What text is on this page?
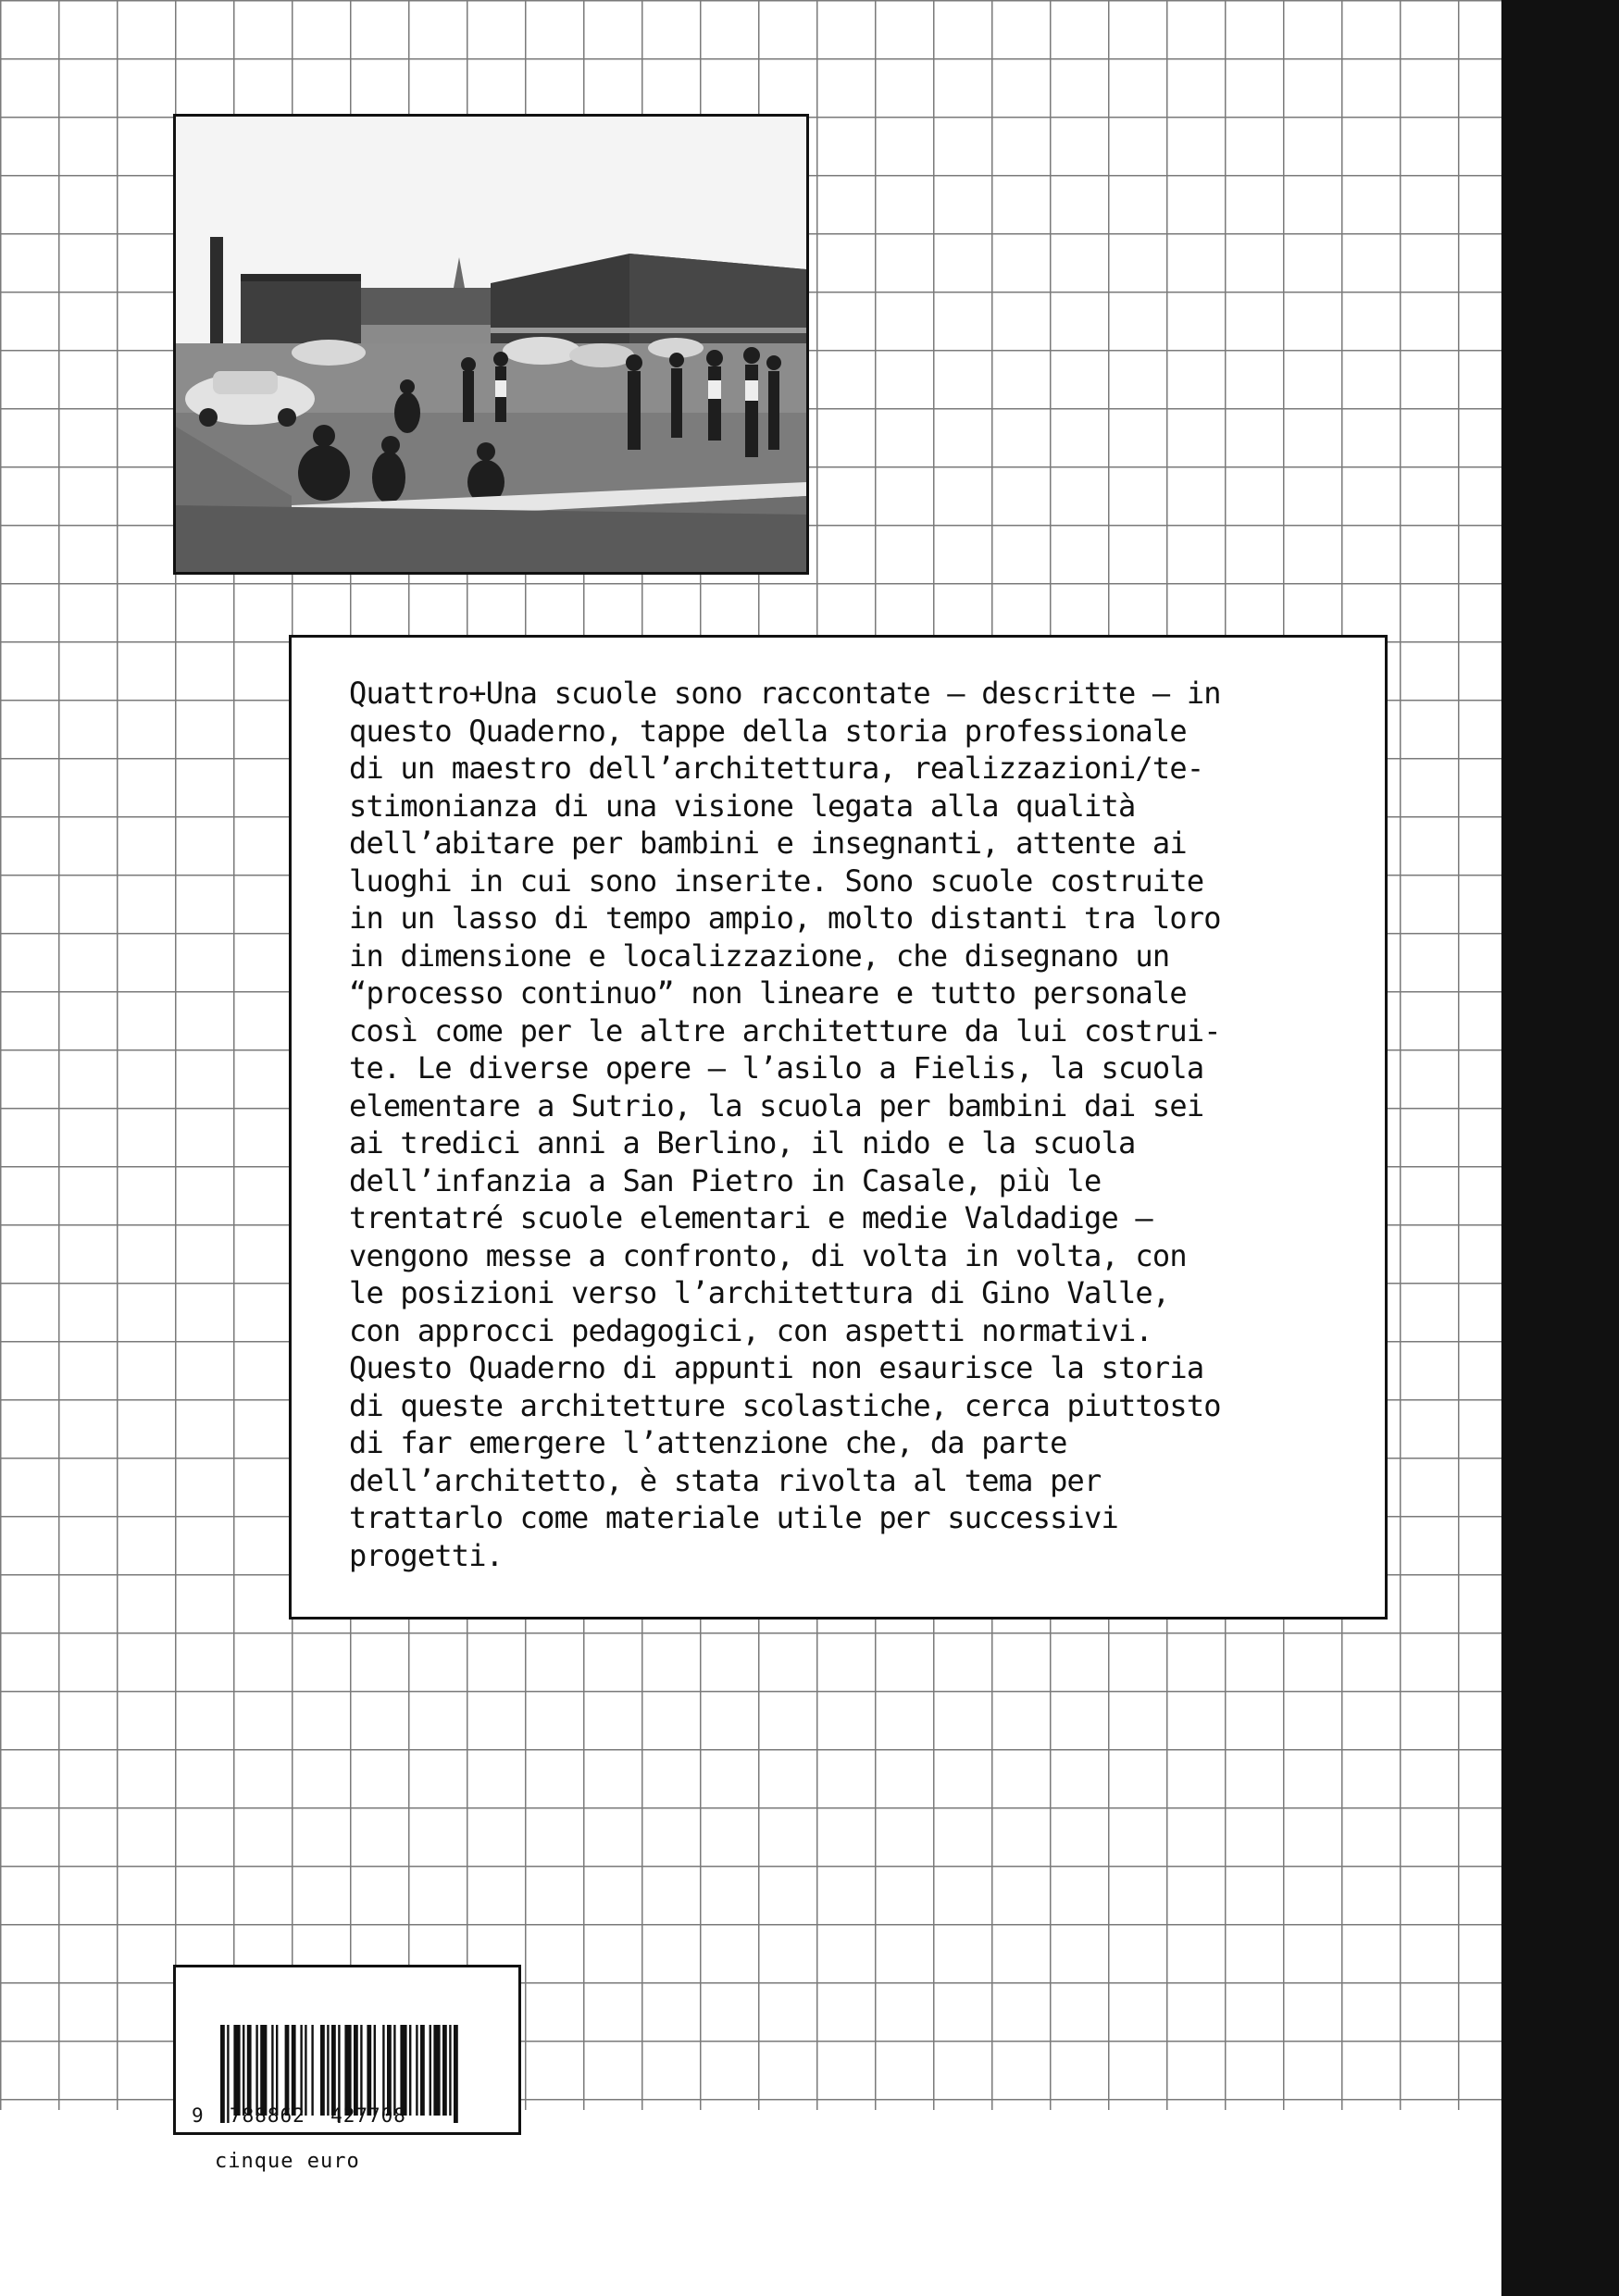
Quattro+Una scuole sono raccontate – descritte – in
questo Quaderno, tappe della storia professionale
di un maestro dell’architettura, realizzazioni/te-
stimonianza di una visione legata alla qualità
dell’abitare per bambini e insegnanti, attente ai
luoghi in cui sono inserite. Sono scuole costruite
in un lasso di tempo ampio, molto distanti tra loro
in dimensione e localizzazione, che disegnano un
“processo continuo” non lineare e tutto personale
così come per le altre architetture da lui costrui-
te. Le diverse opere – l’asilo a Fielis, la scuola
elementare a Sutrio, la scuola per bambini dai sei
ai tredici anni a Berlino, il nido e la scuola
dell’infanzia a San Pietro in Casale, più le
trentatré scuole elementari e medie Valdadige –
vengono messe a confronto, di volta in volta, con
le posizioni verso l’architettura di Gino Valle,
con approcci pedagogici, con aspetti normativi.
Questo Quaderno di appunti non esaurisce la storia
di queste architetture scolastiche, cerca piuttosto
di far emergere l’attenzione che, da parte
dell’architetto, è stata rivolta al tema per
trattarlo come materiale utile per successivi
progetti.

9  788862  427708
cinque euro
